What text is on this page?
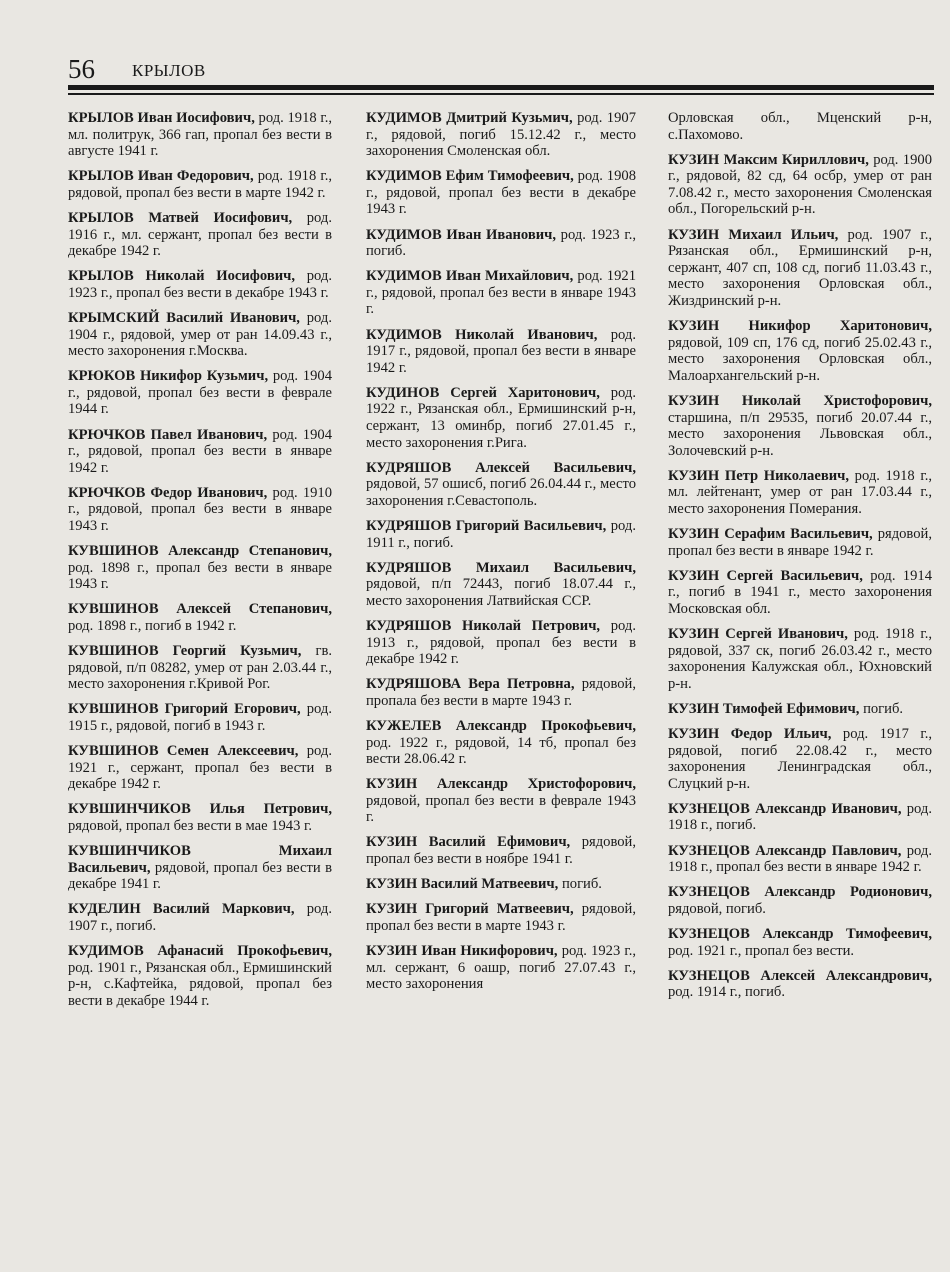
56 КРЫЛОВ

КРЫЛОВ Иван Иосифович, род. 1918 г., мл. политрук, 366 гап, пропал без вести в августе 1941 г.

КРЫЛОВ Иван Федорович, род. 1918 г., рядовой, пропал без вести в марте 1942 г.

КРЫЛОВ Матвей Иосифович, род. 1916 г., мл. сержант, пропал без вести в декабре 1942 г.

КРЫЛОВ Николай Иосифович, род. 1923 г., пропал без вести в декабре 1943 г.

КРЫМСКИЙ Василий Иванович, род. 1904 г., рядовой, умер от ран 14.09.43 г., место захоронения г.Москва.

КРЮКОВ Никифор Кузьмич, род. 1904 г., рядовой, пропал без вести в феврале 1944 г.

КРЮЧКОВ Павел Иванович, род. 1904 г., рядовой, пропал без вести в январе 1942 г.

КРЮЧКОВ Федор Иванович, род. 1910 г., рядовой, пропал без вести в январе 1943 г.

КУВШИНОВ Александр Степанович, род. 1898 г., пропал без вести в январе 1943 г.

КУВШИНОВ Алексей Степанович, род. 1898 г., погиб в 1942 г.

КУВШИНОВ Георгий Кузьмич, гв. рядовой, п/п 08282, умер от ран 2.03.44 г., место захоронения г.Кривой Рог.

КУВШИНОВ Григорий Егорович, род. 1915 г., рядовой, погиб в 1943 г.

КУВШИНОВ Семен Алексеевич, род. 1921 г., сержант, пропал без вести в декабре 1942 г.

КУВШИНЧИКОВ Илья Петрович, рядовой, пропал без вести в мае 1943 г.

КУВШИНЧИКОВ Михаил Васильевич, рядовой, пропал без вести в декабре 1941 г.

КУДЕЛИН Василий Маркович, род. 1907 г., погиб.

КУДИМОВ Афанасий Прокофьевич, род. 1901 г., Рязанская обл., Ермишинский р-н, с.Кафтейка, рядовой, пропал без вести в декабре 1944 г.

КУДИМОВ Дмитрий Кузьмич, род. 1907 г., рядовой, погиб 15.12.42 г., место захоронения Смоленская обл.

КУДИМОВ Ефим Тимофеевич, род. 1908 г., рядовой, пропал без вести в декабре 1943 г.

КУДИМОВ Иван Иванович, род. 1923 г., погиб.

КУДИМОВ Иван Михайлович, род. 1921 г., рядовой, пропал без вести в январе 1943 г.

КУДИМОВ Николай Иванович, род. 1917 г., рядовой, пропал без вести в январе 1942 г.

КУДИНОВ Сергей Харитонович, род. 1922 г., Рязанская обл., Ермишинский р-н, сержант, 13 оминбр, погиб 27.01.45 г., место захоронения г.Рига.

КУДРЯШОВ Алексей Васильевич, рядовой, 57 ошисб, погиб 26.04.44 г., место захоронения г.Севастополь.

КУДРЯШОВ Григорий Васильевич, род. 1911 г., погиб.

КУДРЯШОВ Михаил Васильевич, рядовой, п/п 72443, погиб 18.07.44 г., место захоронения Латвийская ССР.

КУДРЯШОВ Николай Петрович, род. 1913 г., рядовой, пропал без вести в декабре 1942 г.

КУДРЯШОВА Вера Петровна, рядовой, пропала без вести в марте 1943 г.

КУЖЕЛЕВ Александр Прокофьевич, род. 1922 г., рядовой, 14 тб, пропал без вести 28.06.42 г.

КУЗИН Александр Христофорович, рядовой, пропал без вести в феврале 1943 г.

КУЗИН Василий Ефимович, рядовой, пропал без вести в ноябре 1941 г.

КУЗИН Василий Матвеевич, погиб.

КУЗИН Григорий Матвеевич, рядовой, пропал без вести в марте 1943 г.

КУЗИН Иван Никифорович, род. 1923 г., мл. сержант, 6 оашр, погиб 27.07.43 г., место захоронения

Орловская обл., Мценский р-н, с.Пахомово.

КУЗИН Максим Кириллович, род. 1900 г., рядовой, 82 сд, 64 осбр, умер от ран 7.08.42 г., место захоронения Смоленская обл., Погорельский р-н.

КУЗИН Михаил Ильич, род. 1907 г., Рязанская обл., Ермишинский р-н, сержант, 407 сп, 108 сд, погиб 11.03.43 г., место захоронения Орловская обл., Жиздринский р-н.

КУЗИН Никифор Харитонович, рядовой, 109 сп, 176 сд, погиб 25.02.43 г., место захоронения Орловская обл., Малоархангельский р-н.

КУЗИН Николай Христофорович, старшина, п/п 29535, погиб 20.07.44 г., место захоронения Львовская обл., Золочевский р-н.

КУЗИН Петр Николаевич, род. 1918 г., мл. лейтенант, умер от ран 17.03.44 г., место захоронения Померания.

КУЗИН Серафим Васильевич, рядовой, пропал без вести в январе 1942 г.

КУЗИН Сергей Васильевич, род. 1914 г., погиб в 1941 г., место захоронения Московская обл.

КУЗИН Сергей Иванович, род. 1918 г., рядовой, 337 ск, погиб 26.03.42 г., место захоронения Калужская обл., Юхновский р-н.

КУЗИН Тимофей Ефимович, погиб.

КУЗИН Федор Ильич, род. 1917 г., рядовой, погиб 22.08.42 г., место захоронения Ленинградская обл., Слуцкий р-н.

КУЗНЕЦОВ Александр Иванович, род. 1918 г., погиб.

КУЗНЕЦОВ Александр Павлович, род. 1918 г., пропал без вести в январе 1942 г.

КУЗНЕЦОВ Александр Родионович, рядовой, погиб.

КУЗНЕЦОВ Александр Тимофеевич, род. 1921 г., пропал без вести.

КУЗНЕЦОВ Алексей Александрович, род. 1914 г., погиб.
